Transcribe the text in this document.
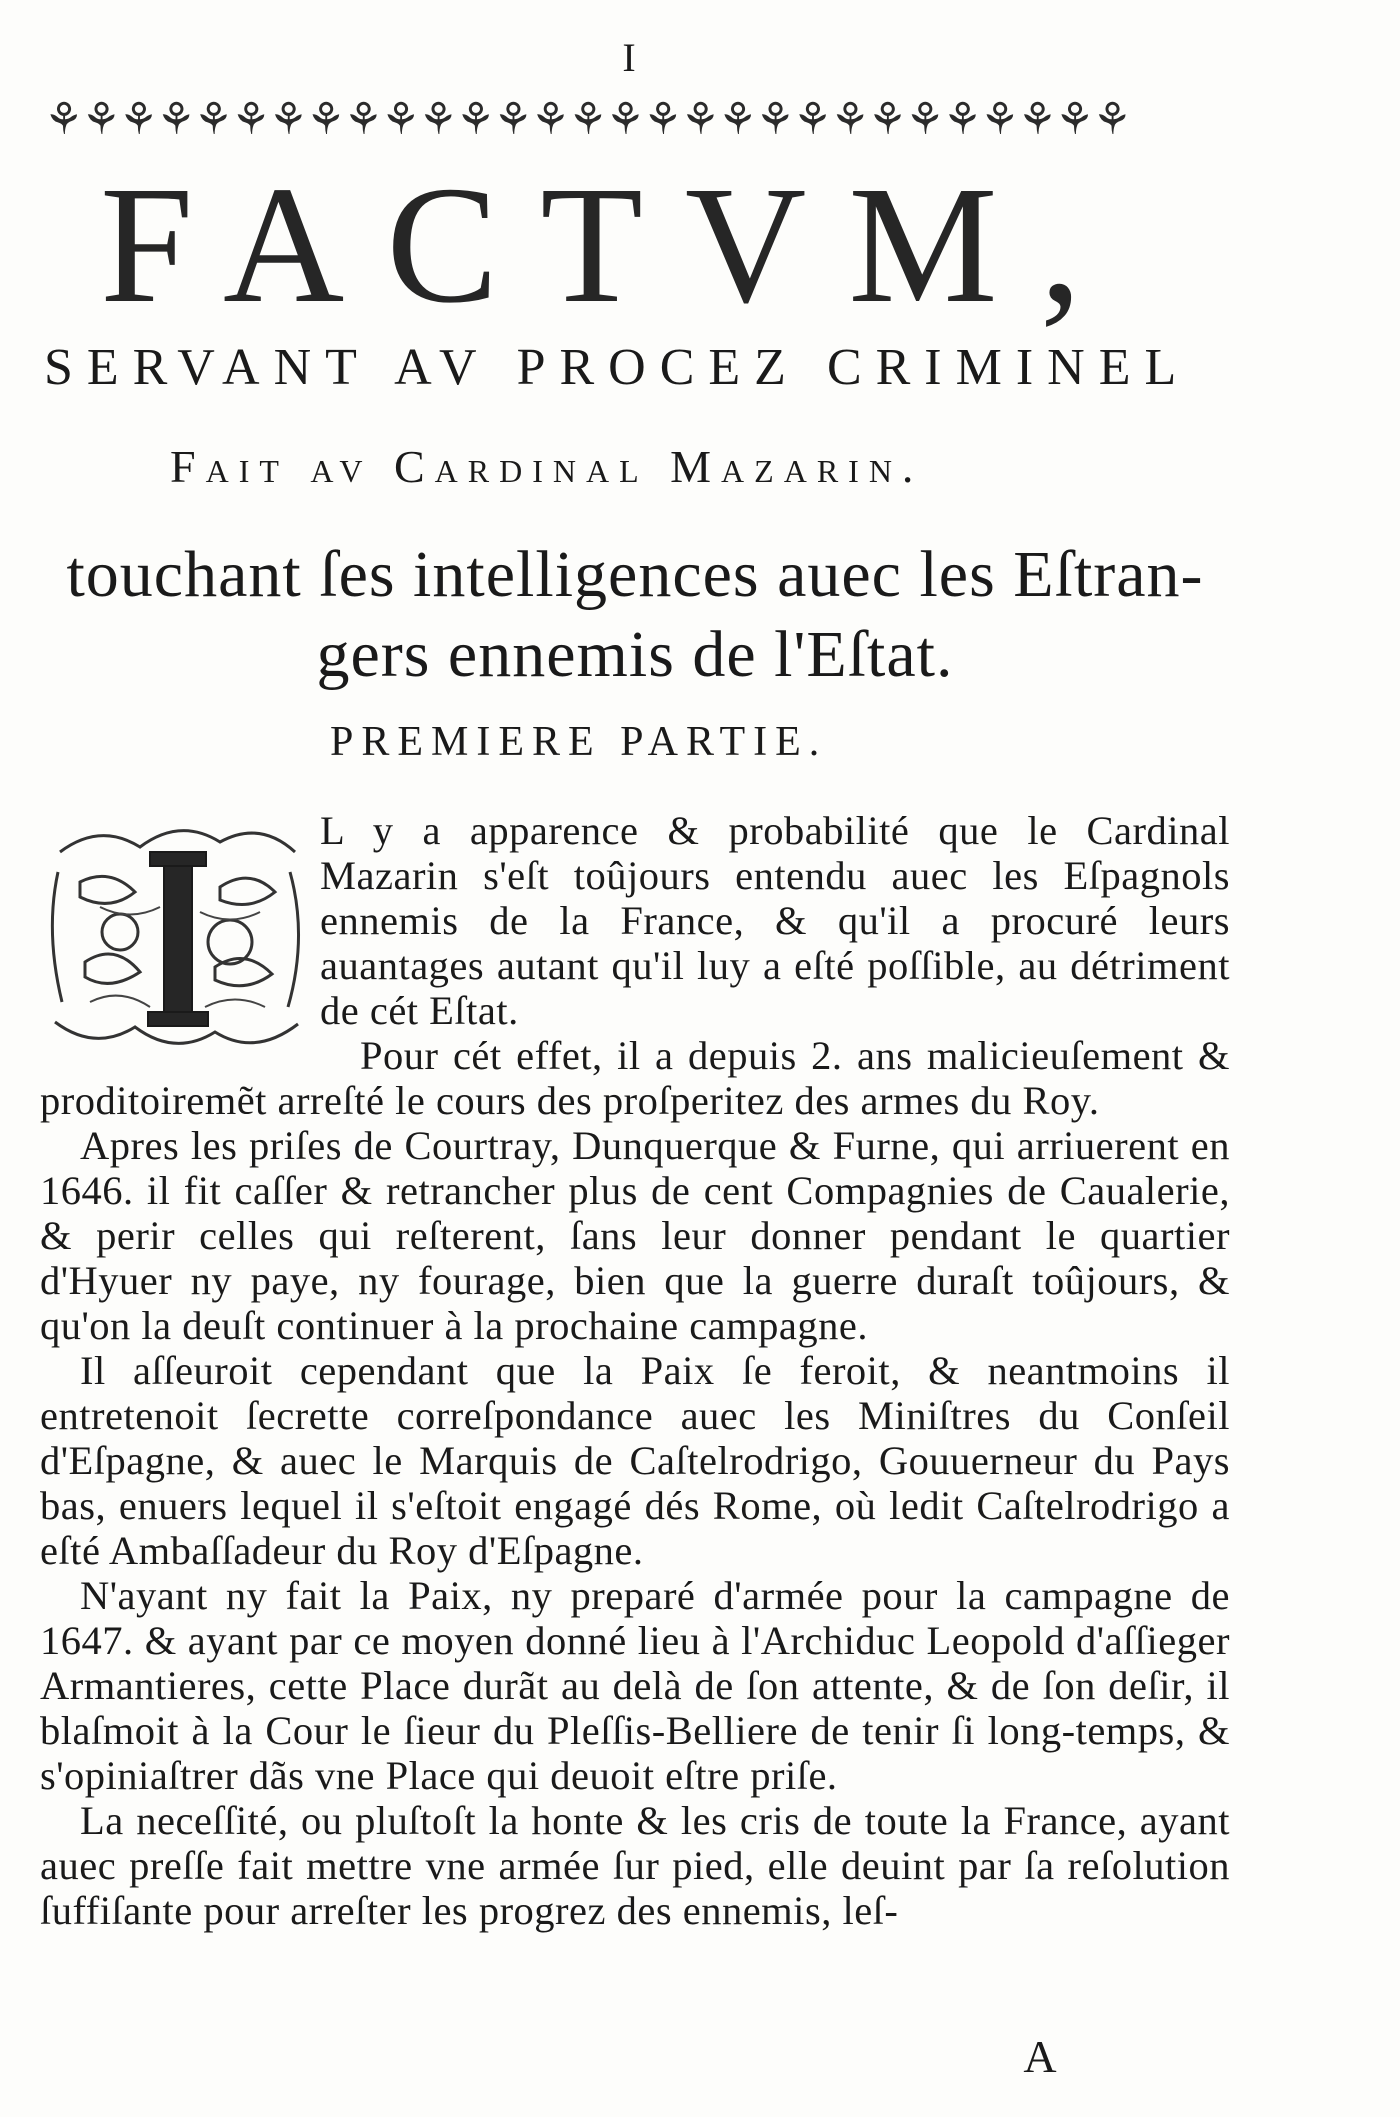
I
⚘⚘⚘⚘⚘⚘⚘⚘⚘⚘⚘⚘⚘⚘⚘⚘⚘⚘⚘⚘⚘⚘⚘⚘⚘⚘⚘⚘⚘
FACTVM,
SERVANT AV PROCEZ CRIMINEL
Fait av Cardinal Mazarin.
touchant ſes intelligences auec les Eſtran- gers ennemis de l'Eſtat.
PREMIERE PARTIE.

L y a apparence & probabilité que le Cardinal Mazarin s'eſt toûjours entendu auec les Eſpagnols ennemis de la France, & qu'il a procuré leurs auantages autant qu'il luy a eſté poſſible, au détriment de cét Eſtat.

Pour cét effet, il a depuis 2. ans malicieuſement & proditoiremẽt arreſté le cours des proſperitez des armes du Roy.

Apres les priſes de Courtray, Dunquerque & Furne, qui arriuerent en 1646. il fit caſſer & retrancher plus de cent Compagnies de Caualerie, & perir celles qui reſterent, ſans leur donner pendant le quartier d'Hyuer ny paye, ny fourage, bien que la guerre duraſt toûjours, & qu'on la deuſt continuer à la prochaine campagne.

Il aſſeuroit cependant que la Paix ſe feroit, & neantmoins il entretenoit ſecrette correſpondance auec les Miniſtres du Conſeil d'Eſpagne, & auec le Marquis de Caſtelrodrigo, Gouuerneur du Pays bas, enuers lequel il s'eſtoit engagé dés Rome, où ledit Caſtelrodrigo a eſté Ambaſſadeur du Roy d'Eſpagne.

N'ayant ny fait la Paix, ny preparé d'armée pour la campagne de 1647. & ayant par ce moyen donné lieu à l'Archiduc Leopold d'aſſieger Armantieres, cette Place durãt au delà de ſon attente, & de ſon deſir, il blaſmoit à la Cour le ſieur du Pleſſis-Belliere de tenir ſi long-temps, & s'opiniaſtrer dãs vne Place qui deuoit eſtre priſe.

La neceſſité, ou pluſtoſt la honte & les cris de toute la France, ayant auec preſſe fait mettre vne armée ſur pied, elle deuint par ſa reſolution ſuffiſante pour arreſter les progrez des ennemis, leſ-

A
